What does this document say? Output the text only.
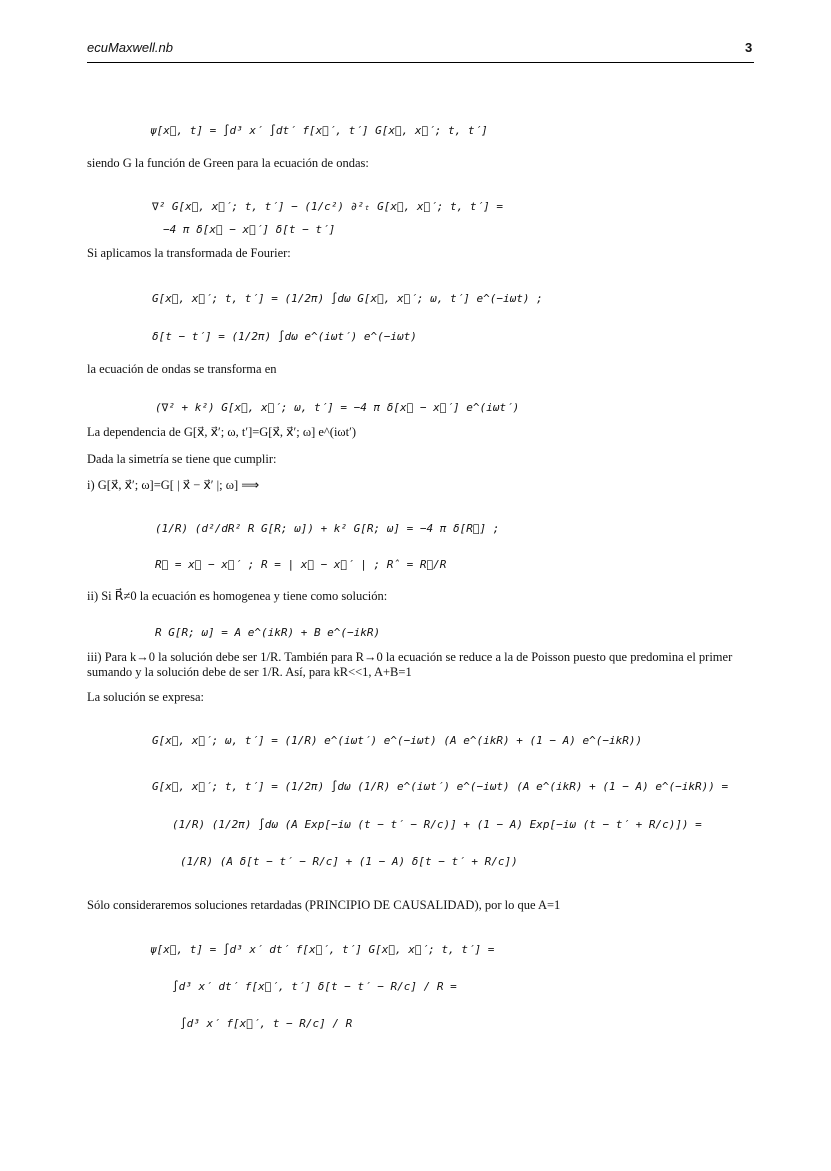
ecuMaxwell.nb	3
ψ[x⃗, t] = ∫d³ x′ ∫dt′ f[x⃗′, t′] G[x⃗, x⃗′; t, t′]
siendo G la función de Green para la ecuación de ondas:
∇² G[x⃗, x⃗′; t, t′] − (1/c²) ∂²ₜ G[x⃗, x⃗′; t, t′] =
−4 π δ[x⃗ − x⃗′] δ[t − t′]
Si aplicamos la transformada de Fourier:
G[x⃗, x⃗′; t, t′] = (1/2π) ∫dω G[x⃗, x⃗′; ω, t′] e^(−iωt) ;
δ[t − t′] = (1/2π) ∫dω e^(iωt′) e^(−iωt)
la ecuación de ondas se transforma en
(∇² + k²) G[x⃗, x⃗′; ω, t′] = −4 π δ[x⃗ − x⃗′] e^(iωt′)
La dependencia de G[x⃗, x⃗′; ω, t′]=G[x⃗, x⃗′; ω] e^(iωt′)
Dada la simetría se tiene que cumplir:
i) G[x⃗, x⃗′; ω]=G[ | x⃗ − x⃗′ |; ω] ⟹
(1/R) (d²/dR² R G[R; ω]) + k² G[R; ω] = −4 π δ[R⃗] ;
R⃗ = x⃗ − x⃗′ ; R = | x⃗ − x⃗′ | ; R̂ = R⃗/R
ii) Si R⃗≠0 la ecuación es homogenea y tiene como solución:
R G[R; ω] = A e^(ikR) + B e^(−ikR)
iii) Para k→0 la solución debe ser 1/R. También para R→0 la ecuación se reduce a la de Poisson puesto que predomina el primer sumando y la solución debe de ser 1/R. Así, para kR<<1, A+B=1
La solución se expresa:
G[x⃗, x⃗′; ω, t′] = (1/R) e^(iωt′) e^(−iωt) (A e^(ikR) + (1 − A) e^(−ikR))
G[x⃗, x⃗′; t, t′] = (1/2π) ∫dω (1/R) e^(iωt′) e^(−iωt) (A e^(ikR) + (1 − A) e^(−ikR)) =
(1/R) (1/2π) ∫dω (A Exp[−iω (t − t′ − R/c)] + (1 − A) Exp[−iω (t − t′ + R/c)]) =
(1/R) (A δ[t − t′ − R/c] + (1 − A) δ[t − t′ + R/c])
Sólo consideraremos soluciones retardadas (PRINCIPIO DE CAUSALIDAD), por lo que A=1
ψ[x⃗, t] = ∫d³ x′ dt′ f[x⃗′, t′] G[x⃗, x⃗′; t, t′] =
∫d³ x′ dt′ f[x⃗′, t′] δ[t − t′ − R/c] / R =
∫d³ x′ f[x⃗′, t − R/c] / R
